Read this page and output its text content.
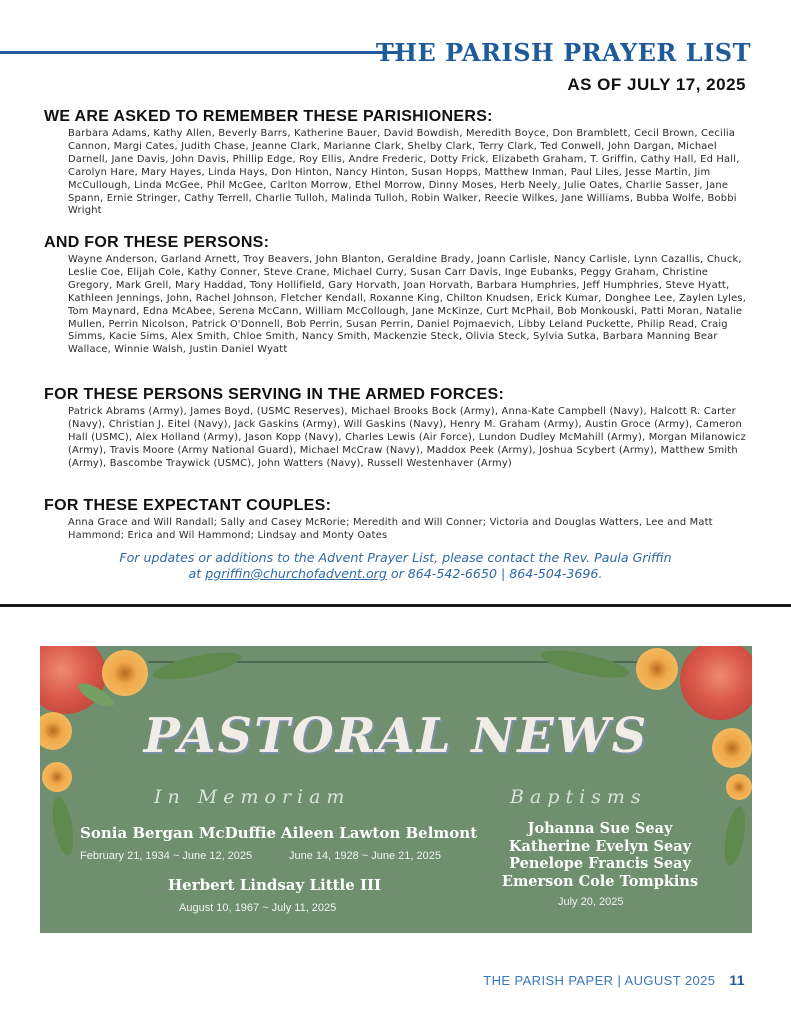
THE PARISH PRAYER LIST
AS OF JULY 17, 2025
WE ARE ASKED TO REMEMBER THESE PARISHIONERS:
Barbara Adams, Kathy Allen, Beverly Barrs, Katherine Bauer, David Bowdish, Meredith Boyce, Don Bramblett, Cecil Brown, Cecilia Cannon, Margi Cates, Judith Chase, Jeanne Clark, Marianne Clark, Shelby Clark, Terry Clark, Ted Conwell, John Dargan, Michael Darnell, Jane Davis, John Davis, Phillip Edge, Roy Ellis, Andre Frederic, Dotty Frick, Elizabeth Graham, T. Griffin, Cathy Hall, Ed Hall, Carolyn Hare, Mary Hayes, Linda Hays, Don Hinton, Nancy Hinton, Susan Hopps, Matthew Inman, Paul Liles, Jesse Martin, Jim McCullough, Linda McGee, Phil McGee, Carlton Morrow, Ethel Morrow, Dinny Moses, Herb Neely, Julie Oates, Charlie Sasser, Jane Spann, Ernie Stringer, Cathy Terrell, Charlie Tulloh, Malinda Tulloh, Robin Walker, Reecie Wilkes, Jane Williams, Bubba Wolfe, Bobbi Wright
AND FOR THESE PERSONS:
Wayne Anderson, Garland Arnett, Troy Beavers, John Blanton, Geraldine Brady, Joann Carlisle, Nancy Carlisle, Lynn Cazallis, Chuck, Leslie Coe, Elijah Cole, Kathy Conner, Steve Crane, Michael Curry, Susan Carr Davis, Inge Eubanks, Peggy Graham, Christine Gregory, Mark Grell, Mary Haddad, Tony Hollifield, Gary Horvath, Joan Horvath, Barbara Humphries, Jeff Humphries, Steve Hyatt, Kathleen Jennings, John, Rachel Johnson, Fletcher Kendall, Roxanne King, Chilton Knudsen, Erick Kumar, Donghee Lee, Zaylen Lyles, Tom Maynard, Edna McAbee, Serena McCann, William McCollough, Jane McKinze, Curt McPhail, Bob Monkouski, Patti Moran, Natalie Mullen, Perrin Nicolson, Patrick O'Donnell, Bob Perrin, Susan Perrin, Daniel Pojmaevich, Libby Leland Puckette, Philip Read, Craig Simms, Kacie Sims, Alex Smith, Chloe Smith, Nancy Smith, Mackenzie Steck, Olivia Steck, Sylvia Sutka, Barbara Manning Bear Wallace, Winnie Walsh, Justin Daniel Wyatt
FOR THESE PERSONS SERVING IN THE ARMED FORCES:
Patrick Abrams (Army), James Boyd, (USMC Reserves), Michael Brooks Bock (Army), Anna-Kate Campbell (Navy), Halcott R. Carter (Navy), Christian J. Eitel (Navy), Jack Gaskins (Army), Will Gaskins (Navy), Henry M. Graham (Army), Austin Groce (Army), Cameron Hall (USMC), Alex Holland (Army), Jason Kopp (Navy), Charles Lewis (Air Force), Lundon Dudley McMahill (Army), Morgan Milanowicz (Army), Travis Moore (Army National Guard), Michael McCraw (Navy), Maddox Peek (Army), Joshua Scybert (Army), Matthew Smith (Army), Bascombe Traywick (USMC), John Watters (Navy), Russell Westenhaver (Army)
FOR THESE EXPECTANT COUPLES:
Anna Grace and Will Randall; Sally and Casey McRorie; Meredith and Will Conner; Victoria and Douglas Watters, Lee and Matt Hammond; Erica and Wil Hammond; Lindsay and Monty Oates
For updates or additions to the Advent Prayer List, please contact the Rev. Paula Griffin
at pgriffin@churchofadvent.org or 864-542-6650 | 864-504-3696.
PASTORAL NEWS
In Memoriam	Baptisms
Sonia Bergan McDuffie
February 21, 1934 ~ June 12, 2025
Aileen Lawton Belmont
June 14, 1928 ~ June 21, 2025
Herbert Lindsay Little III
August 10, 1967 ~ July 11, 2025
Johanna Sue Seay
Katherine Evelyn Seay
Penelope Francis Seay
Emerson Cole Tompkins
July 20, 2025
THE PARISH PAPER | AUGUST 2025 11
